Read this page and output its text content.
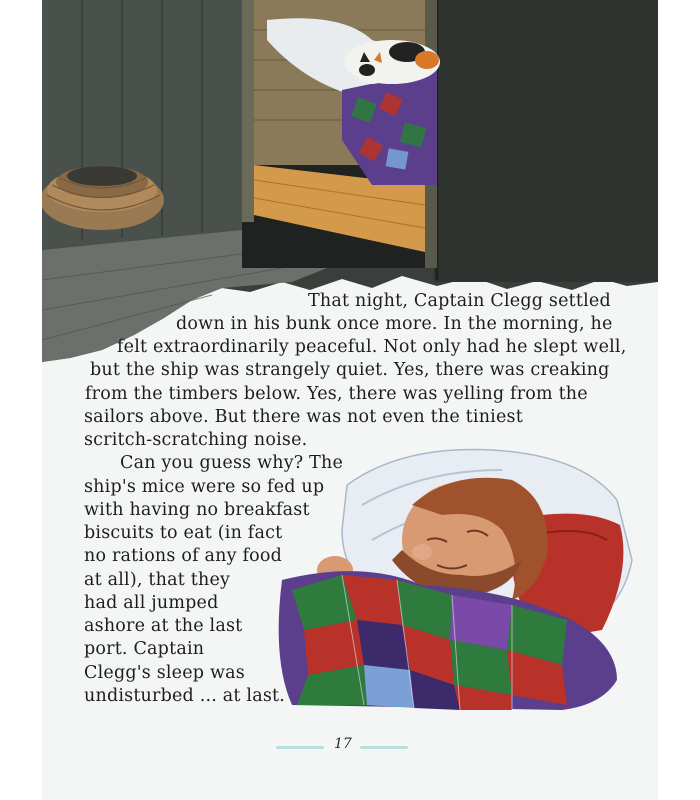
That night, Captain Clegg settled
down in his bunk once more. In the morning, he
felt extraordinarily peaceful. Not only had he slept well,
but the ship was strangely quiet. Yes, there was creaking
from the timbers below. Yes, there was yelling from the
sailors above. But there was not even the tiniest
scritch-scratching noise.
Can you guess why? The
ship's mice were so fed up
with having no breakfast
biscuits to eat (in fact
no rations of any food
at all), that they
had all jumped
ashore at the last
port. Captain
Clegg's sleep was
undisturbed ... at last.
17
